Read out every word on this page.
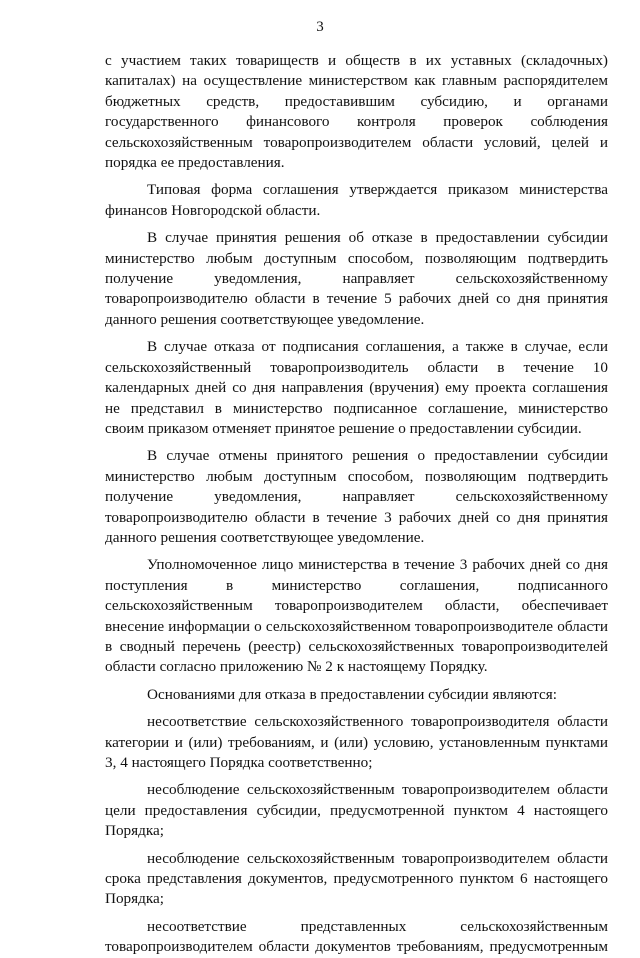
3

с участием таких товариществ и обществ в их уставных (складочных) капиталах) на осуществление министерством как главным распорядителем бюджетных средств, предоставившим субсидию, и органами государственного финансового контроля проверок соблюдения сельскохозяйственным товаропроизводителем области условий, целей и порядка ее предоставления.

Типовая форма соглашения утверждается приказом министерства финансов Новгородской области.

В случае принятия решения об отказе в предоставлении субсидии министерство любым доступным способом, позволяющим подтвердить получение уведомления, направляет сельскохозяйственному товаропроизводителю области в течение 5 рабочих дней со дня принятия данного решения соответствующее уведомление.

В случае отказа от подписания соглашения, а также в случае, если сельскохозяйственный товаропроизводитель области в течение 10 календарных дней со дня направления (вручения) ему проекта соглашения не представил в министерство подписанное соглашение, министерство своим приказом отменяет принятое решение о предоставлении субсидии.

В случае отмены принятого решения о предоставлении субсидии министерство любым доступным способом, позволяющим подтвердить получение уведомления, направляет сельскохозяйственному товаропроизводителю области в течение 3 рабочих дней со дня принятия данного решения соответствующее уведомление.

Уполномоченное лицо министерства в течение 3 рабочих дней со дня поступления в министерство соглашения, подписанного сельскохозяйственным товаропроизводителем области, обеспечивает внесение информации о сельскохозяйственном товаропроизводителе области в сводный перечень (реестр) сельскохозяйственных товаропроизводителей области согласно приложению № 2 к настоящему Порядку.

Основаниями для отказа в предоставлении субсидии являются:

несоответствие сельскохозяйственного товаропроизводителя области категории и (или) требованиям, и (или) условию, установленным пунктами 3, 4 настоящего Порядка соответственно;

несоблюдение сельскохозяйственным товаропроизводителем области цели предоставления субсидии, предусмотренной пунктом 4 настоящего Порядка;

несоблюдение сельскохозяйственным товаропроизводителем области срока представления документов, предусмотренного пунктом 6 настоящего Порядка;

несоответствие представленных сельскохозяйственным товаропроизводителем области документов требованиям, предусмотренным
